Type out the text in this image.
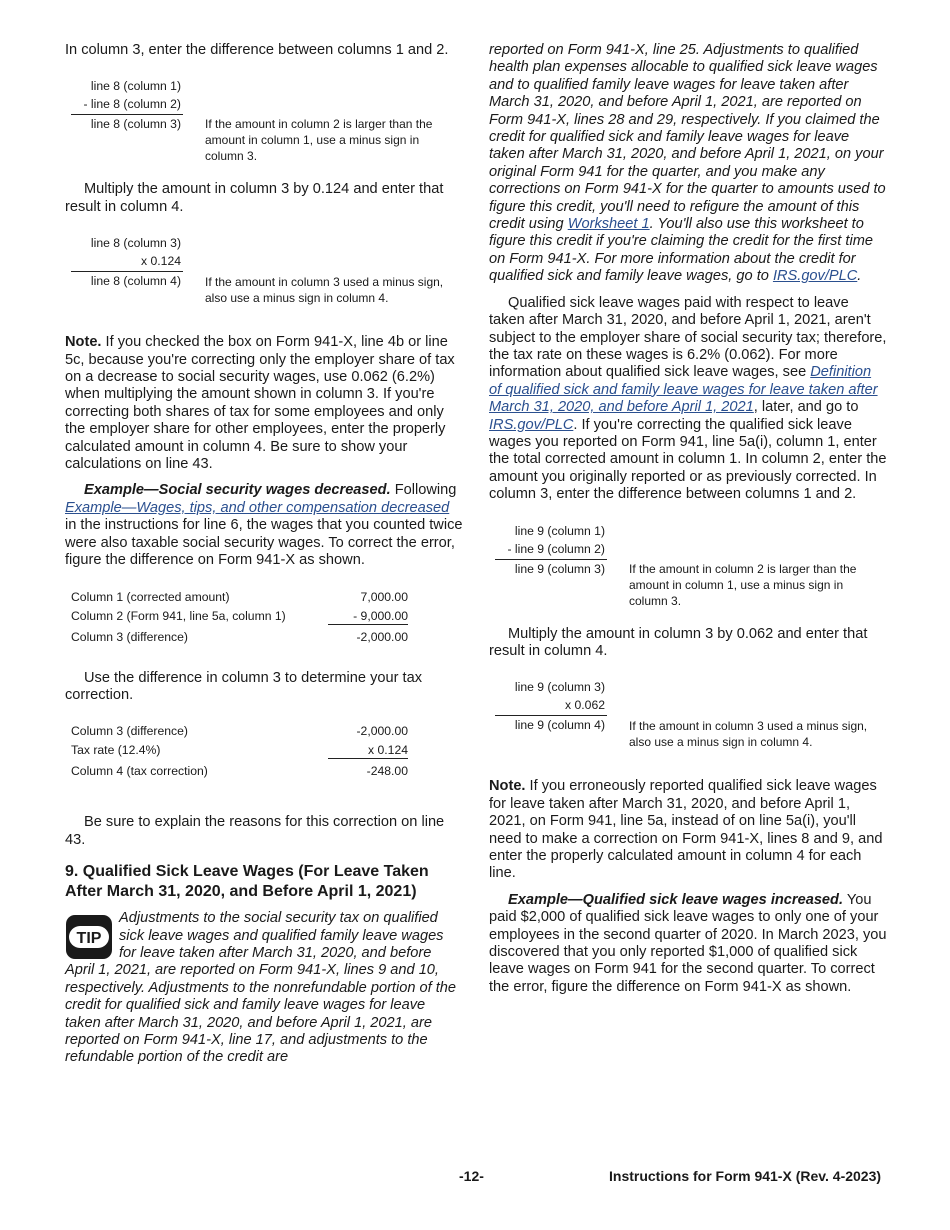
In column 3, enter the difference between columns 1 and 2.

line 8 (column 1)
- line 8 (column 2)
line 8 (column 3) If the amount in column 2 is larger than the amount in column 1, use a minus sign in column 3.

Multiply the amount in column 3 by 0.124 and enter that result in column 4.

line 8 (column 3)
x 0.124
line 8 (column 4) If the amount in column 3 used a minus sign, also use a minus sign in column 4.

Note. If you checked the box on Form 941-X, line 4b or line 5c, because you're correcting only the employer share of tax on a decrease to social security wages, use 0.062 (6.2%) when multiplying the amount shown in column 3. If you're correcting both shares of tax for some employees and only the employer share for other employees, enter the properly calculated amount in column 4. Be sure to show your calculations on line 43.

Example—Social security wages decreased. Following Example—Wages, tips, and other compensation decreased in the instructions for line 6, the wages that you counted twice were also taxable social security wages. To correct the error, figure the difference on Form 941-X as shown.

Column 1 (corrected amount)	7,000.00
Column 2 (Form 941, line 5a, column 1)	- 9,000.00
Column 3 (difference)	-2,000.00

Use the difference in column 3 to determine your tax correction.

Column 3 (difference)	-2,000.00
Tax rate (12.4%)	x 0.124
Column 4 (tax correction)	-248.00

Be sure to explain the reasons for this correction on line 43.

9. Qualified Sick Leave Wages (For Leave Taken After March 31, 2020, and Before April 1, 2021)
TIP

Adjustments to the social security tax on qualified sick leave wages and qualified family leave wages for leave taken after March 31, 2020, and before April 1, 2021, are reported on Form 941-X, lines 9 and 10, respectively. Adjustments to the nonrefundable portion of the credit for qualified sick and family leave wages for leave taken after March 31, 2020, and before April 1, 2021, are reported on Form 941-X, line 17, and adjustments to the refundable portion of the credit are

reported on Form 941-X, line 25. Adjustments to qualified health plan expenses allocable to qualified sick leave wages and to qualified family leave wages for leave taken after March 31, 2020, and before April 1, 2021, are reported on Form 941-X, lines 28 and 29, respectively. If you claimed the credit for qualified sick and family leave wages for leave taken after March 31, 2020, and before April 1, 2021, on your original Form 941 for the quarter, and you make any corrections on Form 941-X for the quarter to amounts used to figure this credit, you'll need to refigure the amount of this credit using Worksheet 1. You'll also use this worksheet to figure this credit if you're claiming the credit for the first time on Form 941-X. For more information about the credit for qualified sick and family leave wages, go to IRS.gov/PLC.

Qualified sick leave wages paid with respect to leave taken after March 31, 2020, and before April 1, 2021, aren't subject to the employer share of social security tax; therefore, the tax rate on these wages is 6.2% (0.062). For more information about qualified sick leave wages, see Definition of qualified sick and family leave wages for leave taken after March 31, 2020, and before April 1, 2021, later, and go to IRS.gov/PLC. If you're correcting the qualified sick leave wages you reported on Form 941, line 5a(i), column 1, enter the total corrected amount in column 1. In column 2, enter the amount you originally reported or as previously corrected. In column 3, enter the difference between columns 1 and 2.

line 9 (column 1)
- line 9 (column 2)
line 9 (column 3) If the amount in column 2 is larger than the amount in column 1, use a minus sign in column 3.

Multiply the amount in column 3 by 0.062 and enter that result in column 4.

line 9 (column 3)
x 0.062
line 9 (column 4) If the amount in column 3 used a minus sign, also use a minus sign in column 4.

Note. If you erroneously reported qualified sick leave wages for leave taken after March 31, 2020, and before April 1, 2021, on Form 941, line 5a, instead of on line 5a(i), you'll need to make a correction on Form 941-X, lines 8 and 9, and enter the properly calculated amount in column 4 for each line.

Example—Qualified sick leave wages increased. You paid $2,000 of qualified sick leave wages to only one of your employees in the second quarter of 2020. In March 2023, you discovered that you only reported $1,000 of qualified sick leave wages on Form 941 for the second quarter. To correct the error, figure the difference on Form 941-X as shown.

-12-	Instructions for Form 941-X (Rev. 4-2023)
